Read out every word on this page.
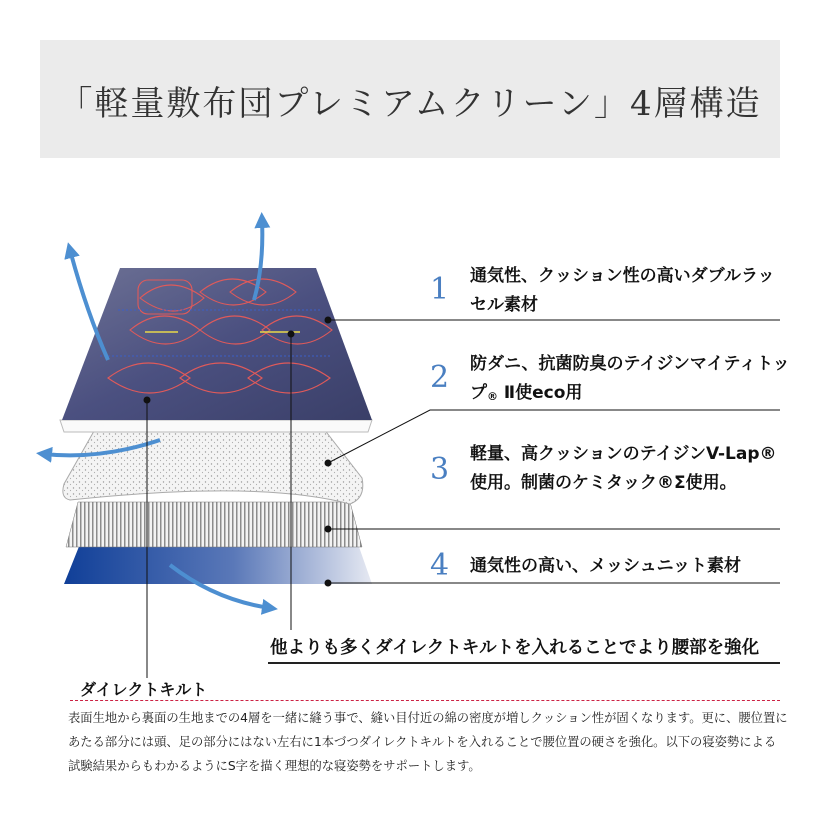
「軽量敷布団プレミアムクリーン」4層構造
1 通気性、クッション性の高いダブルラッセル素材
2 防ダニ、抗菌防臭のテイジンマイティトップ® Ⅱ使eco用
3 軽量、高クッションのテイジンV-Lap®使用。制菌のケミタック®Σ使用。
4 通気性の高い、メッシュニット素材
他よりも多くダイレクトキルトを入れることでより腰部を強化
ダイレクトキルト
表面生地から裏面の生地までの4層を一緒に縫う事で、縫い目付近の綿の密度が増しクッション性が固くなります。更に、腰位置にあたる部分には頭、足の部分にはない左右に1本づつダイレクトキルトを入れることで腰位置の硬さを強化。以下の寝姿勢による試験結果からもわかるようにS字を描く理想的な寝姿勢をサポートします。
